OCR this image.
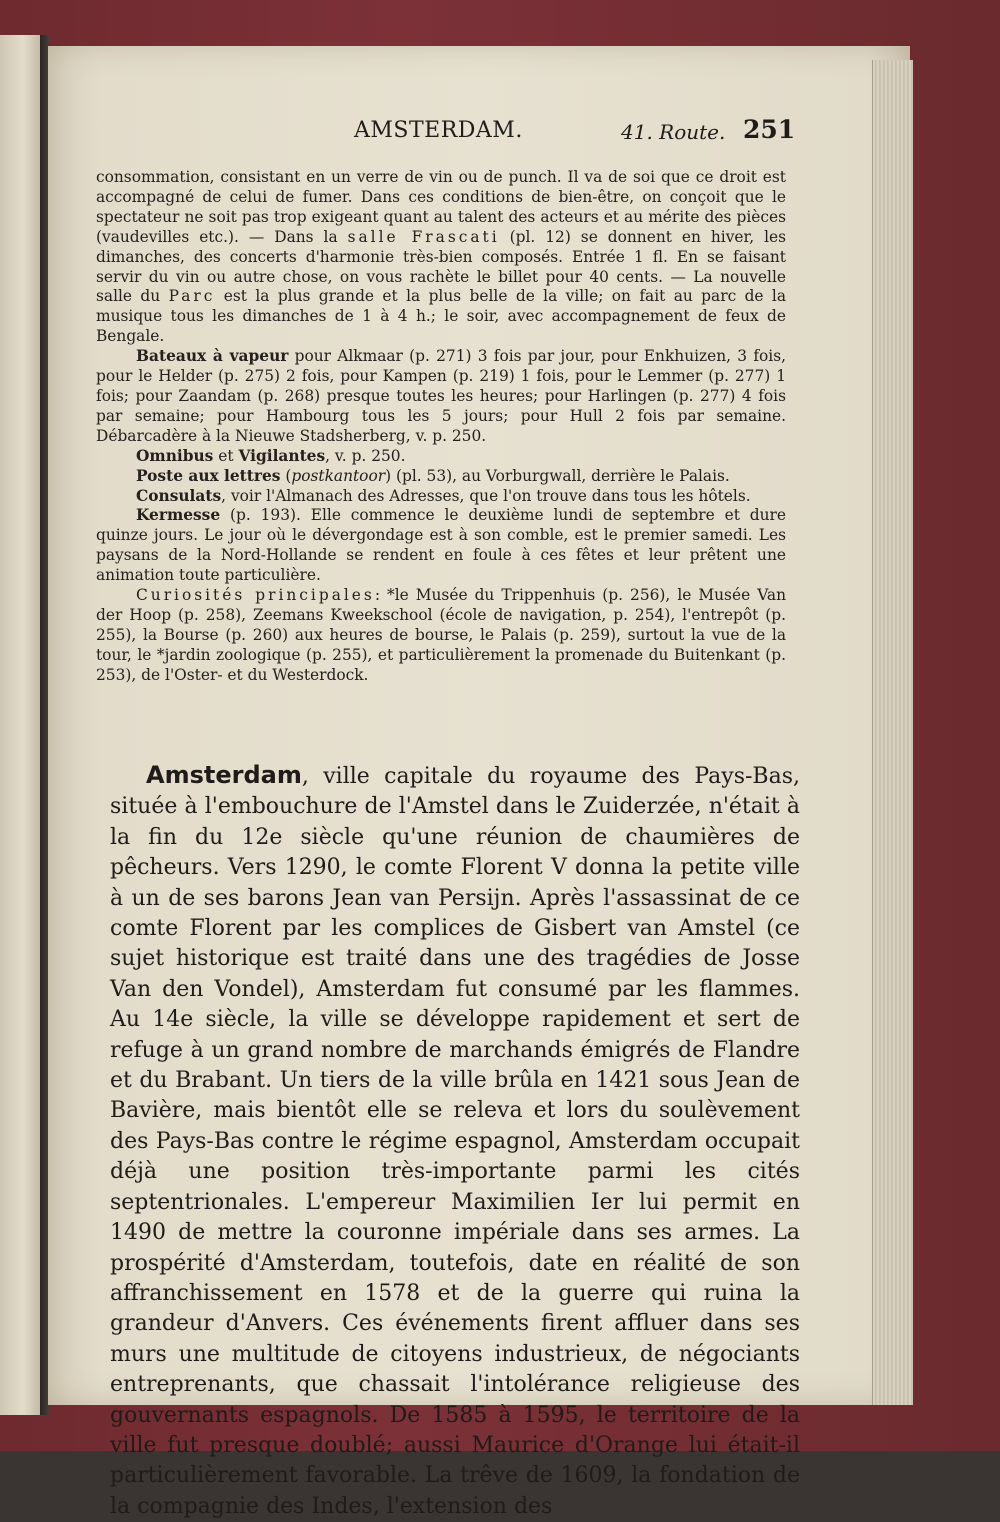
AMSTERDAM.	41. Route. 251

consommation, consistant en un verre de vin ou de punch. Il va de soi que ce droit est accompagné de celui de fumer. Dans ces conditions de bien-être, on conçoit que le spectateur ne soit pas trop exigeant quant au talent des acteurs et au mérite des pièces (vaudevilles etc.). — Dans la salle Frascati (pl. 12) se donnent en hiver, les dimanches, des concerts d'harmonie très-bien composés. Entrée 1 fl. En se faisant servir du vin ou autre chose, on vous rachète le billet pour 40 cents. — La nouvelle salle du Parc est la plus grande et la plus belle de la ville; on fait au parc de la musique tous les dimanches de 1 à 4 h.; le soir, avec accompagnement de feux de Bengale.

Bateaux à vapeur pour Alkmaar (p. 271) 3 fois par jour, pour Enkhuizen, 3 fois, pour le Helder (p. 275) 2 fois, pour Kampen (p. 219) 1 fois, pour le Lemmer (p. 277) 1 fois; pour Zaandam (p. 268) presque toutes les heures; pour Harlingen (p. 277) 4 fois par semaine; pour Hambourg tous les 5 jours; pour Hull 2 fois par semaine. Débarcadère à la Nieuwe Stadsherberg, v. p. 250.

Omnibus et Vigilantes, v. p. 250.

Poste aux lettres (postkantoor) (pl. 53), au Vorburgwall, derrière le Palais.

Consulats, voir l'Almanach des Adresses, que l'on trouve dans tous les hôtels.

Kermesse (p. 193). Elle commence le deuxième lundi de septembre et dure quinze jours. Le jour où le dévergondage est à son comble, est le premier samedi. Les paysans de la Nord-Hollande se rendent en foule à ces fêtes et leur prêtent une animation toute particulière.

Curiosités principales: *le Musée du Trippenhuis (p. 256), le Musée Van der Hoop (p. 258), Zeemans Kweekschool (école de navigation, p. 254), l'entrepôt (p. 255), la Bourse (p. 260) aux heures de bourse, le Palais (p. 259), surtout la vue de la tour, le *jardin zoologique (p. 255), et particulièrement la promenade du Buitenkant (p. 253), de l'Oster- et du Westerdock.

Amsterdam, ville capitale du royaume des Pays-Bas, située à l'embouchure de l'Amstel dans le Zuiderzée, n'était à la fin du 12e siècle qu'une réunion de chaumières de pêcheurs. Vers 1290, le comte Florent V donna la petite ville à un de ses barons Jean van Persijn. Après l'assassinat de ce comte Florent par les complices de Gisbert van Amstel (ce sujet historique est traité dans une des tragédies de Josse Van den Vondel), Amsterdam fut consumé par les flammes. Au 14e siècle, la ville se développe rapidement et sert de refuge à un grand nombre de marchands émigrés de Flandre et du Brabant. Un tiers de la ville brûla en 1421 sous Jean de Bavière, mais bientôt elle se releva et lors du soulèvement des Pays-Bas contre le régime espagnol, Amsterdam occupait déjà une position très-importante parmi les cités septentrionales. L'empereur Maximilien Ier lui permit en 1490 de mettre la couronne impériale dans ses armes. La prospérité d'Amsterdam, toutefois, date en réalité de son affranchissement en 1578 et de la guerre qui ruina la grandeur d'Anvers. Ces événements firent affluer dans ses murs une multitude de citoyens industrieux, de négociants entreprenants, que chassait l'intolérance religieuse des gouvernants espagnols. De 1585 à 1595, le territoire de la ville fut presque doublé; aussi Maurice d'Orange lui était-il particulièrement favorable. La trêve de 1609, la fondation de la compagnie des Indes, l'extension des
